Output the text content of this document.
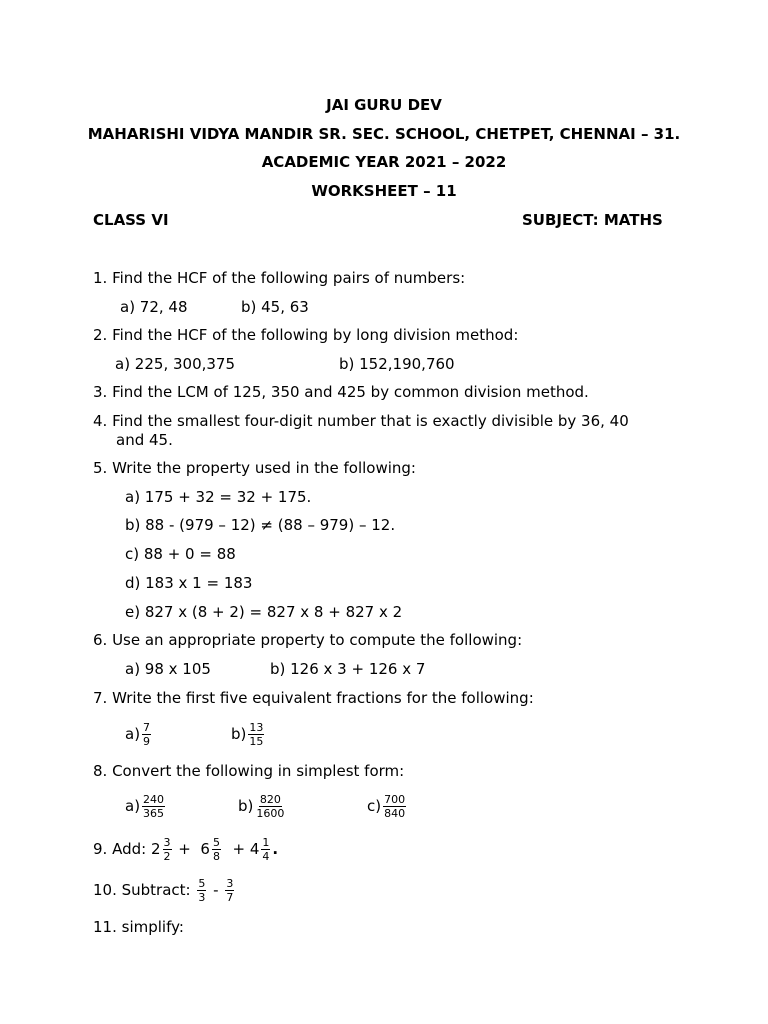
JAI GURU DEV
MAHARISHI VIDYA MANDIR SR. SEC. SCHOOL, CHETPET, CHENNAI – 31.
ACADEMIC YEAR 2021 – 2022
WORKSHEET – 11
CLASS VI	SUBJECT: MATHS
1. Find the HCF of the following pairs of numbers:
a) 72, 48	b) 45, 63
2. Find the HCF of the following by long division method:
a) 225, 300,375	b) 152,190,760
3. Find the LCM of 125, 350 and 425 by common division method.
4. Find the smallest four-digit number that is exactly divisible by 36, 40
and 45.
5. Write the property used in the following:
a) 175 + 32 = 32 + 175.
b) 88 - (979 – 12) ≠ (88 – 979) – 12.
c) 88 + 0 = 88
d) 183 x 1 = 183
e) 827 x (8 + 2) = 827 x 8 + 827 x 2
6. Use an appropriate property to compute the following:
a) 98 x 105	b) 126 x 3 + 126 x 7
7. Write the first five equivalent fractions for the following:
$a) \frac{7}{9}$	$b) \frac{13}{15}$
8. Convert the following in simplest form:
$a) \frac{240}{365}$	$b) \frac{820}{1600}$	$c) \frac{700}{840}$
9. Add: $2 \frac{3}{2} + 6 \frac{5}{8} + 4 \frac{1}{4}$ .
10. Subtract: $\frac{5}{3} - \frac{3}{7}$
11. simplify:
